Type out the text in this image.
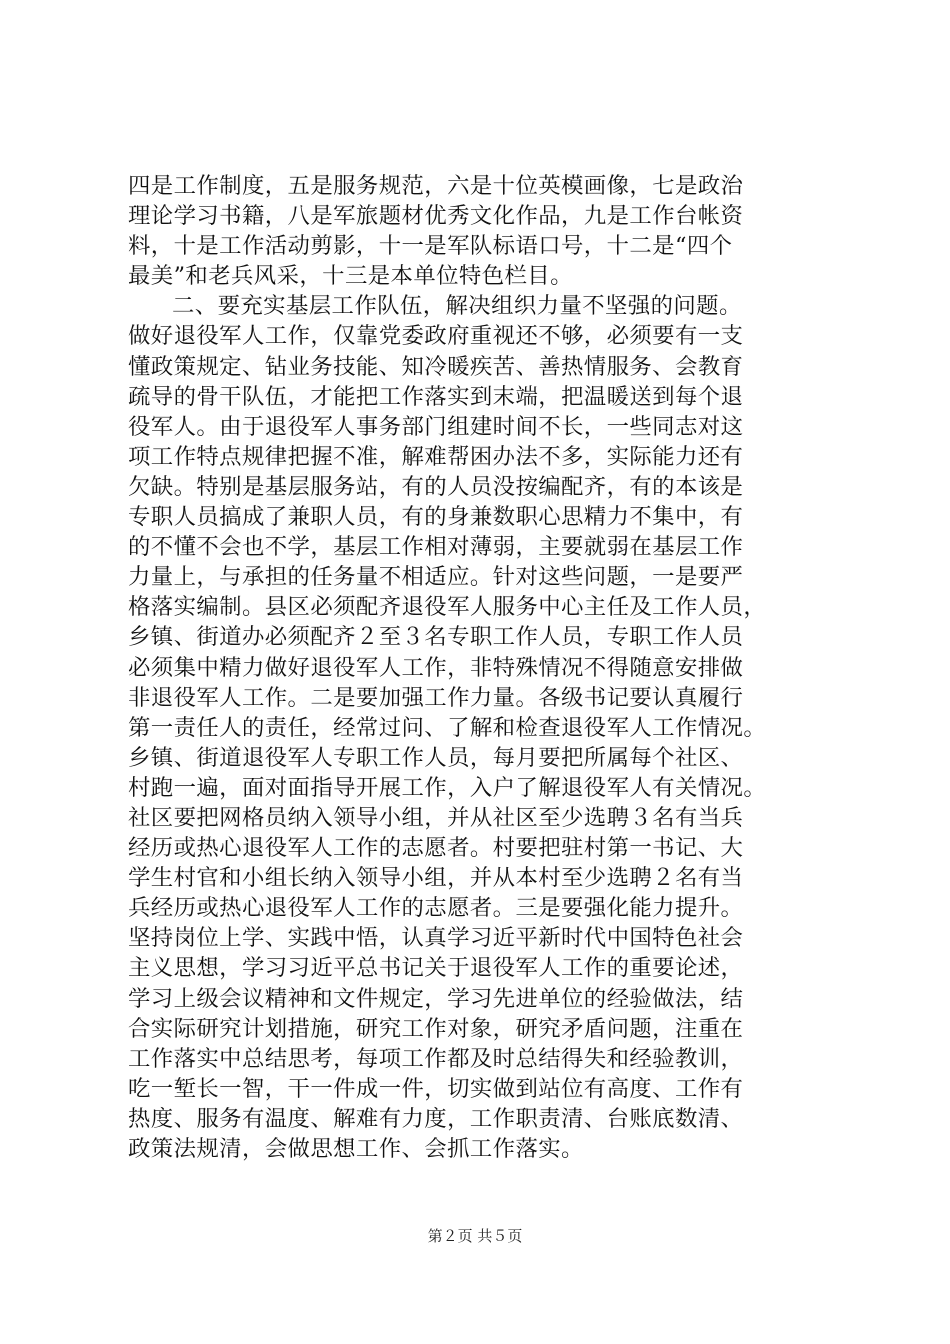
四是工作制度，五是服务规范，六是十位英模画像，七是政治
理论学习书籍，八是军旅题材优秀文化作品，九是工作台帐资
料，十是工作活动剪影，十一是军队标语口号，十二是“四个
最美”和老兵风采，十三是本单位特色栏目。
二、要充实基层工作队伍，解决组织力量不坚强的问题。
做好退役军人工作，仅靠党委政府重视还不够，必须要有一支
懂政策规定、钻业务技能、知冷暖疾苦、善热情服务、会教育
疏导的骨干队伍，才能把工作落实到末端，把温暖送到每个退
役军人。由于退役军人事务部门组建时间不长，一些同志对这
项工作特点规律把握不准，解难帮困办法不多，实际能力还有
欠缺。特别是基层服务站，有的人员没按编配齐，有的本该是
专职人员搞成了兼职人员，有的身兼数职心思精力不集中，有
的不懂不会也不学，基层工作相对薄弱，主要就弱在基层工作
力量上，与承担的任务量不相适应。针对这些问题，一是要严
格落实编制。县区必须配齐退役军人服务中心主任及工作人员，
乡镇、街道办必须配齐２至３名专职工作人员，专职工作人员
必须集中精力做好退役军人工作，非特殊情况不得随意安排做
非退役军人工作。二是要加强工作力量。各级书记要认真履行
第一责任人的责任，经常过问、了解和检查退役军人工作情况。
乡镇、街道退役军人专职工作人员，每月要把所属每个社区、
村跑一遍，面对面指导开展工作，入户了解退役军人有关情况。
社区要把网格员纳入领导小组，并从社区至少选聘３名有当兵
经历或热心退役军人工作的志愿者。村要把驻村第一书记、大
学生村官和小组长纳入领导小组，并从本村至少选聘２名有当
兵经历或热心退役军人工作的志愿者。三是要强化能力提升。
坚持岗位上学、实践中悟，认真学习近平新时代中国特色社会
主义思想，学习习近平总书记关于退役军人工作的重要论述，
学习上级会议精神和文件规定，学习先进单位的经验做法，结
合实际研究计划措施，研究工作对象，研究矛盾问题，注重在
工作落实中总结思考，每项工作都及时总结得失和经验教训，
吃一堑长一智，干一件成一件，切实做到站位有高度、工作有
热度、服务有温度、解难有力度，工作职责清、台账底数清、
政策法规清，会做思想工作、会抓工作落实。
第２页 共５页
